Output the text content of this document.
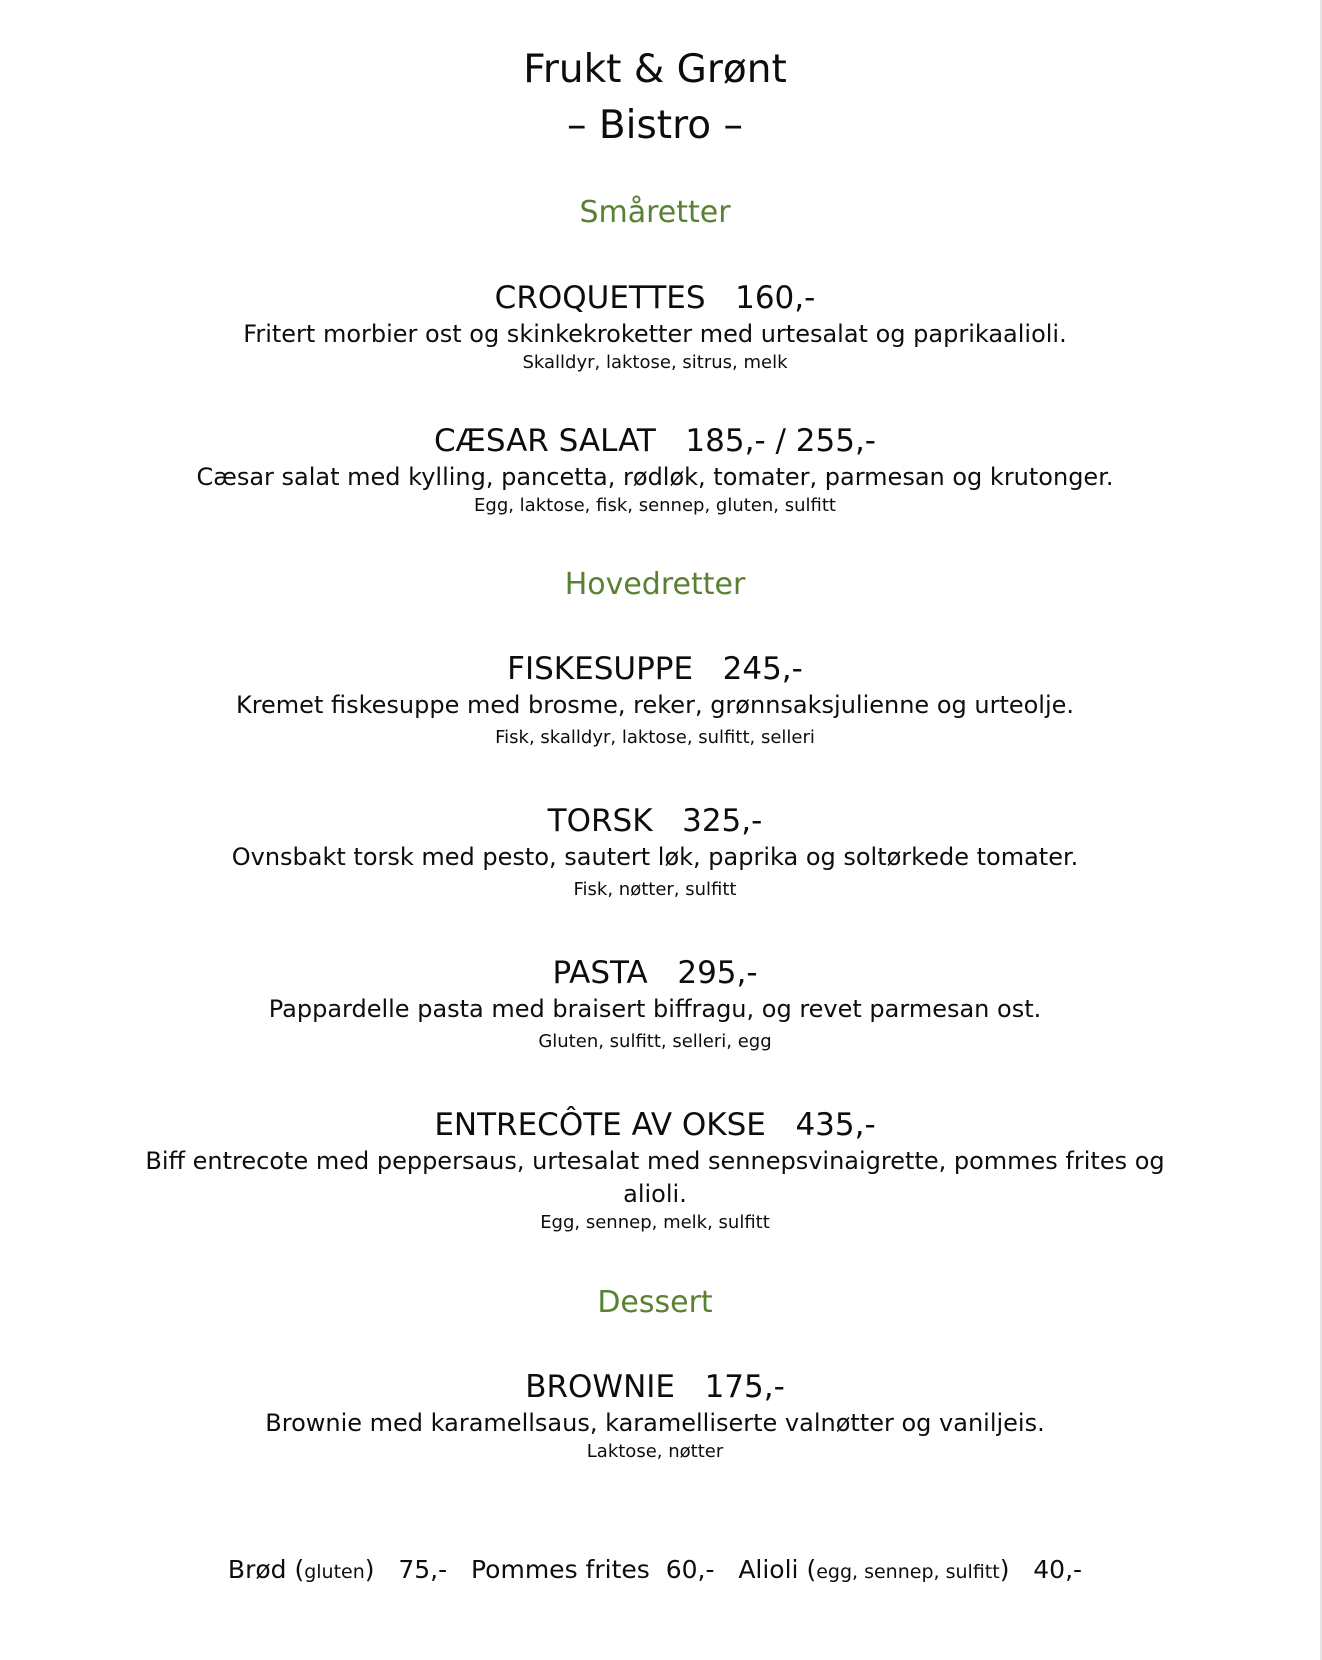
Frukt & Grønt
– Bistro –
Småretter
CROQUETTES 160,-
Fritert morbier ost og skinkekroketter med urtesalat og paprikaalioli.
Skalldyr, laktose, sitrus, melk
CÆSAR SALAT 185,- / 255,-
Cæsar salat med kylling, pancetta, rødløk, tomater, parmesan og krutonger.
Egg, laktose, fisk, sennep, gluten, sulfitt
Hovedretter
FISKESUPPE 245,-
Kremet fiskesuppe med brosme, reker, grønnsaksjulienne og urteolje.
Fisk, skalldyr, laktose, sulfitt, selleri
TORSK 325,-
Ovnsbakt torsk med pesto, sautert løk, paprika og soltørkede tomater.
Fisk, nøtter, sulfitt
PASTA 295,-
Pappardelle pasta med braisert biffragu, og revet parmesan ost.
Gluten, sulfitt, selleri, egg
ENTRECÔTE AV OKSE 435,-
Biff entrecote med peppersaus, urtesalat med sennepsvinaigrette, pommes frites og alioli.
Egg, sennep, melk, sulfitt
Dessert
BROWNIE 175,-
Brownie med karamellsaus, karamelliserte valnøtter og vaniljeis.
Laktose, nøtter
Brød (gluten)   75,- Pommes frites 60,- Alioli (egg, sennep, sulfitt)   40,-
